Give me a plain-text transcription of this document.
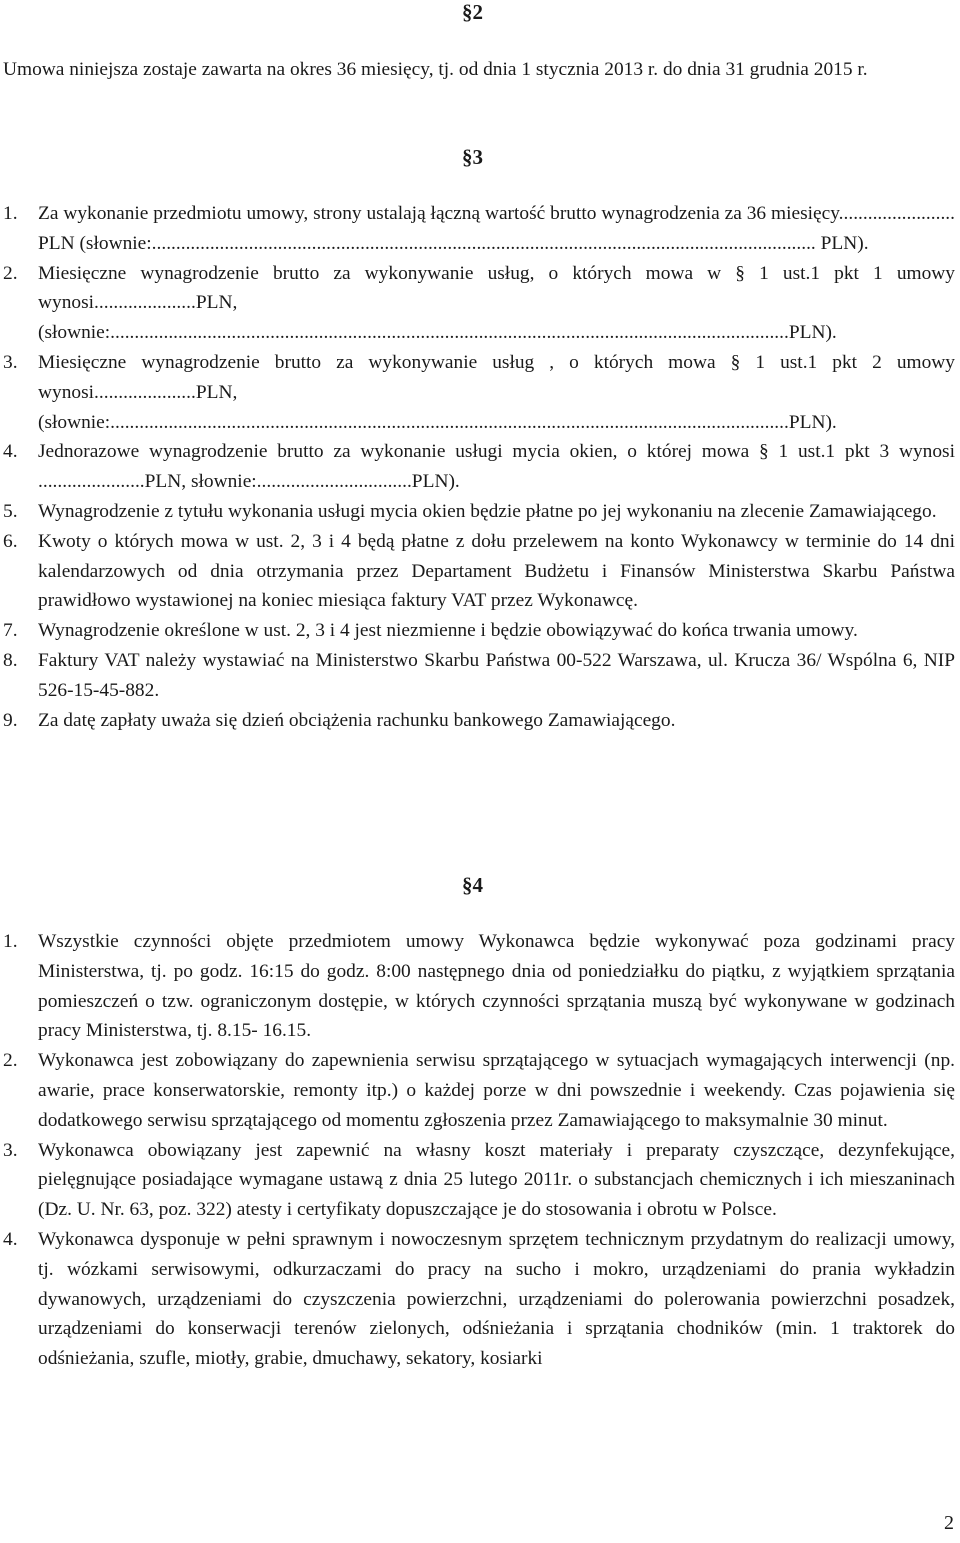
§2

Umowa niniejsza zostaje zawarta na okres 36 miesięcy, tj. od dnia 1 stycznia 2013 r. do dnia 31 grudnia 2015 r.

§3
1. Za wykonanie przedmiotu umowy, strony ustalają łączną wartość brutto wynagrodzenia za 36 miesięcy........................ PLN (słownie:......................................................................................................................................... PLN).
2. Miesięczne wynagrodzenie brutto za wykonywanie usług, o których mowa w § 1 ust.1 pkt 1 umowy wynosi.....................PLN, (słownie:............................................................................................................................................PLN).
3. Miesięczne wynagrodzenie brutto za wykonywanie usług , o których mowa § 1 ust.1 pkt 2 umowy wynosi.....................PLN, (słownie:............................................................................................................................................PLN).
4. Jednorazowe wynagrodzenie brutto za wykonanie usługi mycia okien, o której mowa § 1 ust.1 pkt 3 wynosi ......................PLN, słownie:................................PLN).
5. Wynagrodzenie z tytułu wykonania usługi mycia okien będzie płatne po jej wykonaniu na zlecenie Zamawiającego.
6. Kwoty o których mowa w ust. 2, 3 i 4 będą płatne z dołu przelewem na konto Wykonawcy w terminie do 14 dni kalendarzowych od dnia otrzymania przez Departament Budżetu i Finansów Ministerstwa Skarbu Państwa prawidłowo wystawionej na koniec miesiąca faktury VAT przez Wykonawcę.
7. Wynagrodzenie określone w ust. 2, 3 i 4 jest niezmienne i będzie obowiązywać do końca trwania umowy.
8. Faktury VAT należy wystawiać na Ministerstwo Skarbu Państwa 00-522 Warszawa, ul. Krucza 36/ Wspólna 6, NIP 526-15-45-882.
9. Za datę zapłaty uważa się dzień obciążenia rachunku bankowego Zamawiającego.
§4
1. Wszystkie czynności objęte przedmiotem umowy Wykonawca będzie wykonywać poza godzinami pracy Ministerstwa, tj. po godz. 16:15 do godz. 8:00 następnego dnia od poniedziałku do piątku, z wyjątkiem sprzątania pomieszczeń o tzw. ograniczonym dostępie, w których czynności sprzątania muszą być wykonywane w godzinach pracy Ministerstwa, tj. 8.15- 16.15.
2. Wykonawca jest zobowiązany do zapewnienia serwisu sprzątającego w sytuacjach wymagających interwencji (np. awarie, prace konserwatorskie, remonty itp.) o każdej porze w dni powszednie i weekendy. Czas pojawienia się dodatkowego serwisu sprzątającego od momentu zgłoszenia przez Zamawiającego to maksymalnie 30 minut.
3. Wykonawca obowiązany jest zapewnić na własny koszt materiały i preparaty czyszczące, dezynfekujące, pielęgnujące posiadające wymagane ustawą z dnia 25 lutego 2011r. o substancjach chemicznych i ich mieszaninach (Dz. U. Nr. 63, poz. 322) atesty i certyfikaty dopuszczające je do stosowania i obrotu w Polsce.
4. Wykonawca dysponuje w pełni sprawnym i nowoczesnym sprzętem technicznym przydatnym do realizacji umowy, tj. wózkami serwisowymi, odkurzaczami do pracy na sucho i mokro, urządzeniami do prania wykładzin dywanowych, urządzeniami do czyszczenia powierzchni, urządzeniami do polerowania powierzchni posadzek, urządzeniami do konserwacji terenów zielonych, odśnieżania i sprzątania chodników (min. 1 traktorek do odśnieżania, szufle, miotły, grabie, dmuchawy, sekatory, kosiarki
2
